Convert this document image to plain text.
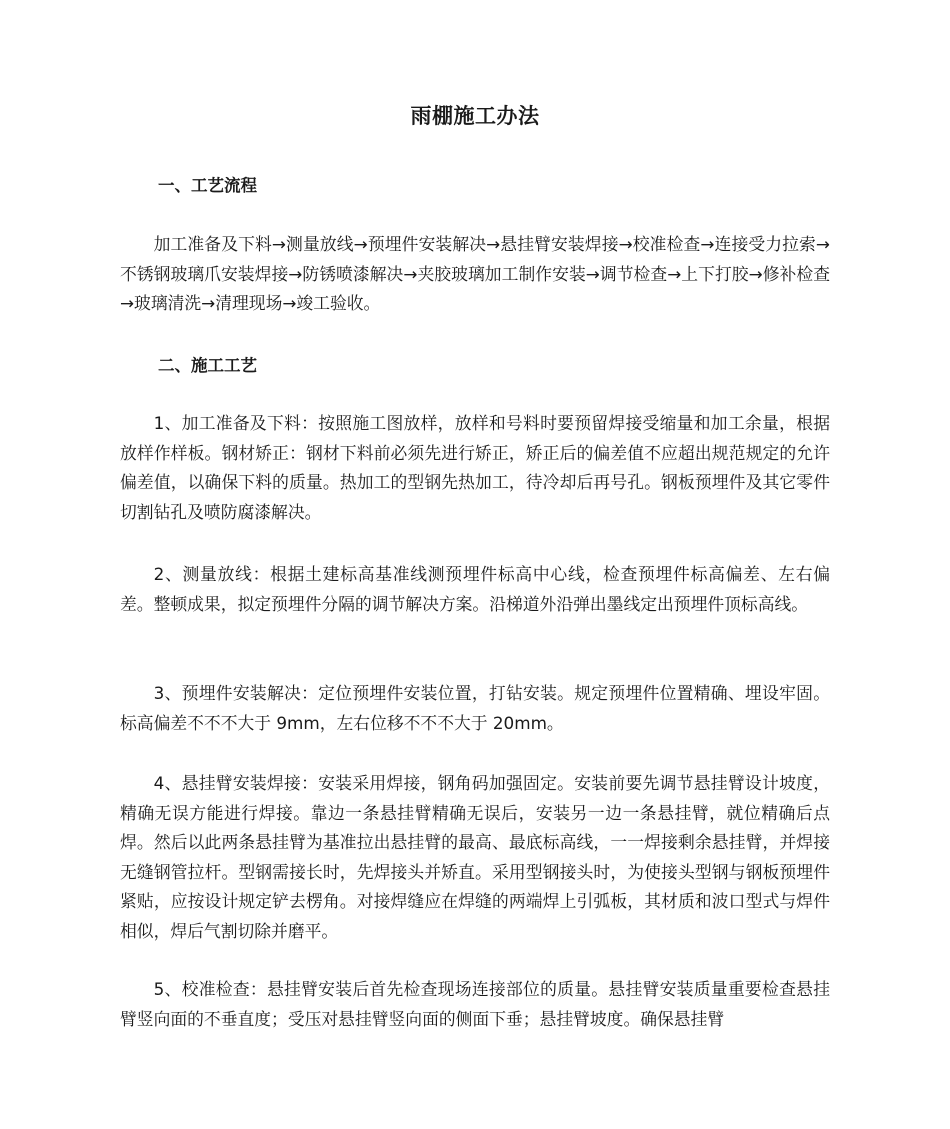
雨棚施工办法
一、工艺流程

加工准备及下料→测量放线→预埋件安装解决→悬挂臂安装焊接→校准检查→连接受力拉索→不锈钢玻璃爪安装焊接→防锈喷漆解决→夹胶玻璃加工制作安装→调节检查→上下打胶→修补检查→玻璃清洗→清理现场→竣工验收。

二、施工工艺

1、加工准备及下料：按照施工图放样，放样和号料时要预留焊接受缩量和加工余量，根据放样作样板。钢材矫正：钢材下料前必须先进行矫正，矫正后的偏差值不应超出规范规定的允许偏差值，以确保下料的质量。热加工的型钢先热加工，待冷却后再号孔。钢板预埋件及其它零件切割钻孔及喷防腐漆解决。

2、测量放线：根据土建标高基准线测预埋件标高中心线，检查预埋件标高偏差、左右偏差。整顿成果，拟定预埋件分隔的调节解决方案。沿梯道外沿弹出墨线定出预埋件顶标高线。

3、预埋件安装解决：定位预埋件安装位置，打钻安装。规定预埋件位置精确、埋设牢固。标高偏差不不不大于 9mm，左右位移不不不大于 20mm。

4、悬挂臂安装焊接：安装采用焊接，钢角码加强固定。安装前要先调节悬挂臂设计坡度，精确无误方能进行焊接。靠边一条悬挂臂精确无误后，安装另一边一条悬挂臂，就位精确后点焊。然后以此两条悬挂臂为基准拉出悬挂臂的最高、最底标高线，一一焊接剩余悬挂臂，并焊接无缝钢管拉杆。型钢需接长时，先焊接头并矫直。采用型钢接头时，为使接头型钢与钢板预埋件紧贴，应按设计规定铲去楞角。对接焊缝应在焊缝的两端焊上引弧板，其材质和波口型式与焊件相似，焊后气割切除并磨平。

5、校准检查：悬挂臂安装后首先检查现场连接部位的质量。悬挂臂安装质量重要检查悬挂臂竖向面的不垂直度；受压对悬挂臂竖向面的侧面下垂；悬挂臂坡度。确保悬挂臂
